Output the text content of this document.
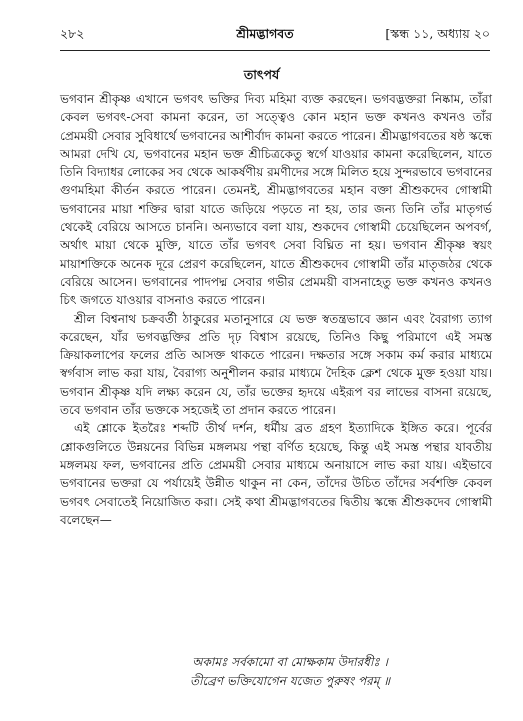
২৮২	শ্রীমদ্ভাগবত	[স্কন্ধ ১১, অধ্যায় ২০
তাৎপর্য

ভগবান শ্রীকৃষ্ণ এখানে ভগবৎ ভক্তির দিব্য মহিমা ব্যক্ত করছেন। ভগবদ্ভক্তরা নিষ্কাম, তাঁরা কেবল ভগবৎ-সেবা কামনা করেন, তা সত্ত্বেও কোন মহান ভক্ত কখনও কখনও তাঁর প্রেমময়ী সেবার সুবিধার্থে ভগবানের আশীর্বাদ কামনা করতে পারেন। শ্রীমদ্ভাগবতের ষষ্ঠ স্কন্ধে আমরা দেখি যে, ভগবানের মহান ভক্ত শ্রীচিত্রকেতু স্বর্গে যাওয়ার কামনা করেছিলেন, যাতে তিনি বিদ্যাধর লোকের সব থেকে আকর্ষণীয় রমণীদের সঙ্গে মিলিত হয়ে সুন্দরভাবে ভগবানের গুণমহিমা কীর্তন করতে পারেন। তেমনই, শ্রীমদ্ভাগবতের মহান বক্তা শ্রীশুকদেব গোস্বামী ভগবানের মায়া শক্তির দ্বারা যাতে জড়িয়ে পড়তে না হয়, তার জন্য তিনি তাঁর মাতৃগর্ভ থেকেই বেরিয়ে আসতে চাননি। অন্যভাবে বলা যায়, শুকদেব গোস্বামী চেয়েছিলেন অপবর্গ, অর্থাৎ মায়া থেকে মুক্তি, যাতে তাঁর ভগবৎ সেবা বিঘ্নিত না হয়। ভগবান শ্রীকৃষ্ণ স্বয়ং মায়াশক্তিকে অনেক দূরে প্রেরণ করেছিলেন, যাতে শ্রীশুকদেব গোস্বামী তাঁর মাতৃজঠর থেকে বেরিয়ে আসেন। ভগবানের পাদপদ্ম সেবার গভীর প্রেমময়ী বাসনাহেতু ভক্ত কখনও কখনও চিৎ জগতে যাওয়ার বাসনাও করতে পারেন।

শ্রীল বিশ্বনাথ চক্রবর্তী ঠাকুরের মতানুসারে যে ভক্ত স্বতন্ত্রভাবে জ্ঞান এবং বৈরাগ্য ত্যাগ করেছেন, যাঁর ভগবদ্ভক্তির প্রতি দৃঢ় বিশ্বাস রয়েছে, তিনিও কিছু পরিমাণে এই সমস্ত ক্রিয়াকলাপের ফলের প্রতি আসক্ত থাকতে পারেন। দক্ষতার সঙ্গে সকাম কর্ম করার মাধ্যমে স্বর্গবাস লাভ করা যায়, বৈরাগ্য অনুশীলন করার মাধ্যমে দৈহিক ক্লেশ থেকে মুক্ত হওয়া যায়। ভগবান শ্রীকৃষ্ণ যদি লক্ষ্য করেন যে, তাঁর ভক্তের হৃদয়ে এইরূপ বর লাভের বাসনা রয়েছে, তবে ভগবান তাঁর ভক্তকে সহজেই তা প্রদান করতে পারেন।

এই শ্লোকে ইতরৈঃ শব্দটি তীর্থ দর্শন, ধর্মীয় ব্রত গ্রহণ ইত্যাদিকে ইঙ্গিত করে। পূর্বের শ্লোকগুলিতে উন্নয়নের বিভিন্ন মঙ্গলময় পন্থা বর্ণিত হয়েছে, কিন্তু এই সমস্ত পন্থার যাবতীয় মঙ্গলময় ফল, ভগবানের প্রতি প্রেমময়ী সেবার মাধ্যমে অনায়াসে লাভ করা যায়। এইভাবে ভগবানের ভক্তরা যে পর্যায়েই উন্নীত থাকুন না কেন, তাঁদের উচিত তাঁদের সর্বশক্তি কেবল ভগবৎ সেবাতেই নিয়োজিত করা। সেই কথা শ্রীমদ্ভাগবতের দ্বিতীয় স্কন্ধে শ্রীশুকদেব গোস্বামী বলেছেন—

অকামঃ সর্বকামো বা মোক্ষকাম উদারধীঃ ।
তীব্রেণ ভক্তিযোগেন যজেত পুরুষং পরম্ ॥
